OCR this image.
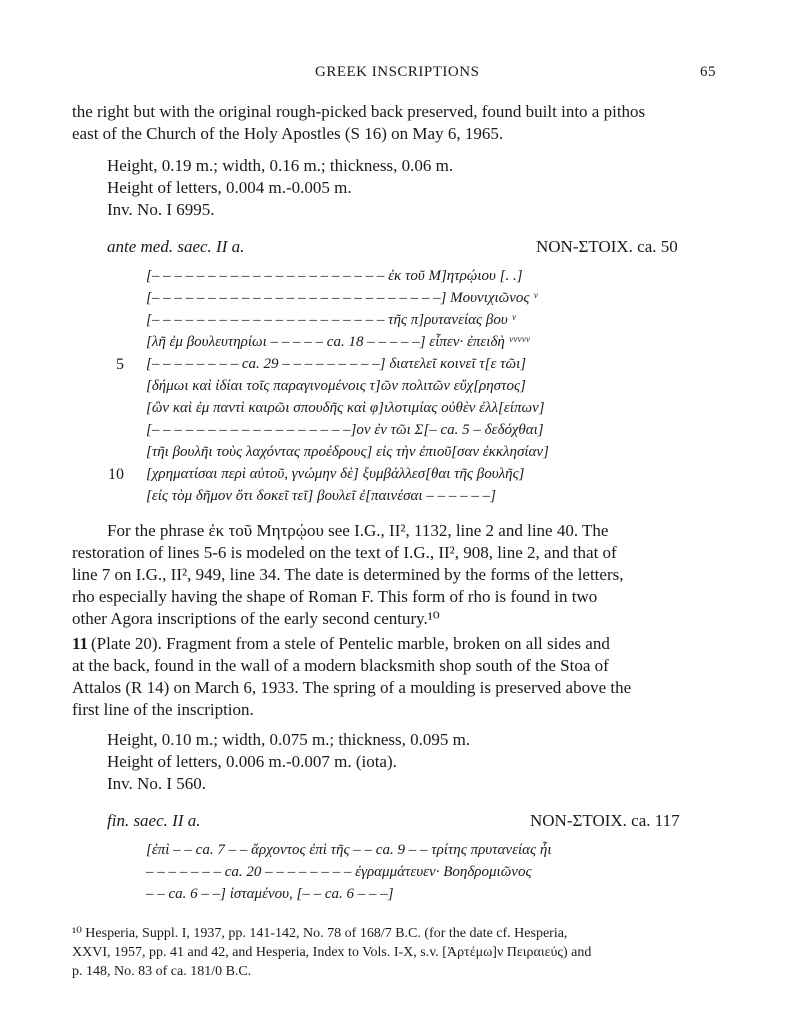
GREEK INSCRIPTIONS	65
the right but with the original rough-picked back preserved, found built into a pithos
east of the Church of the Holy Apostles (S 16) on May 6, 1965.
Height, 0.19 m.; width, 0.16 m.; thickness, 0.06 m.
Height of letters, 0.004 m.-0.005 m.
Inv. No. I 6995.
ante med. saec. II a.	NON-ΣΤΟΙΧ. ca. 50
[– – – – – – – – – – – – – – – – – – – – – ἐκ τοῦ Μ]ητρῴιου [. .]
[– – – – – – – – – – – – – – – – – – – – – – – – – –] Μουνιχιῶνος ᵛ
[– – – – – – – – – – – – – – – – – – – – – τῆς π]ρυτανείας βου ᵛ
[λῆ ἐμ βουλευτηρίωι – – – – – ca. 18 – – – – –] εἶπεν· ἐπειδὴ ᵛᵛᵛᵛᵛ
5 [– – – – – – – – ca. 29 – – – – – – – – –] διατελεῖ κοινεῖ τ[ε τῶι]
[δήμωι καὶ ἰδίαι τοῖς παραγινομένοις τ]ῶν πολιτῶν εὔχ[ρηστος]
[ὢν καὶ ἐμ παντὶ καιρῶι σπουδῆς καὶ φ]ιλοτιμίας οὐθὲν ἐλλ[είπων]
[– – – – – – – – – – – – – – – – – –]ον ἐν τῶι Σ[– ca. 5 – δεδόχθαι]
[τῆι βουλῆι τοὺς λαχόντας προέδρους] εἰς τὴν ἐπιοῦ[σαν ἐκκλησίαν]
10 [χρηματίσαι περὶ αὐτοῦ, γνώμην δὲ] ξυμβάλλεσ[θαι τῆς βουλῆς]
[εἰς τὸμ δῆμον ὅτι δοκεῖ τεῖ] βουλεῖ ἐ[παινέσαι – – – – – –]
For the phrase ἐκ τοῦ Μητρῴου see I.G., II², 1132, line 2 and line 40. The
restoration of lines 5-6 is modeled on the text of I.G., II², 908, line 2, and that of
line 7 on I.G., II², 949, line 34. The date is determined by the forms of the letters,
rho especially having the shape of Roman F. This form of rho is found in two
other Agora inscriptions of the early second century.¹⁰
11 (Plate 20). Fragment from a stele of Pentelic marble, broken on all sides and
at the back, found in the wall of a modern blacksmith shop south of the Stoa of
Attalos (R 14) on March 6, 1933. The spring of a moulding is preserved above the
first line of the inscription.
Height, 0.10 m.; width, 0.075 m.; thickness, 0.095 m.
Height of letters, 0.006 m.-0.007 m. (iota).
Inv. No. I 560.
fin. saec. II a.	NON-ΣΤΟΙΧ. ca. 117
[ἐπὶ – – ca. 7 – – ἄρχοντος ἐπὶ τῆς – – ca. 9 – – τρίτης πρυτανείας ἧι
– – – – – – – ca. 20 – – – – – – – – ἐγραμμάτευεν· Βοηδρομιῶνος
– – ca. 6 – –] ἱσταμένου, [– – ca. 6 – – –]
¹⁰ Hesperia, Suppl. I, 1937, pp. 141-142, No. 78 of 168/7 B.C. (for the date cf. Hesperia,
XXVI, 1957, pp. 41 and 42, and Hesperia, Index to Vols. I-X, s.v. [Ἀρτέμω]ν Πειραιεύς) and
p. 148, No. 83 of ca. 181/0 B.C.
